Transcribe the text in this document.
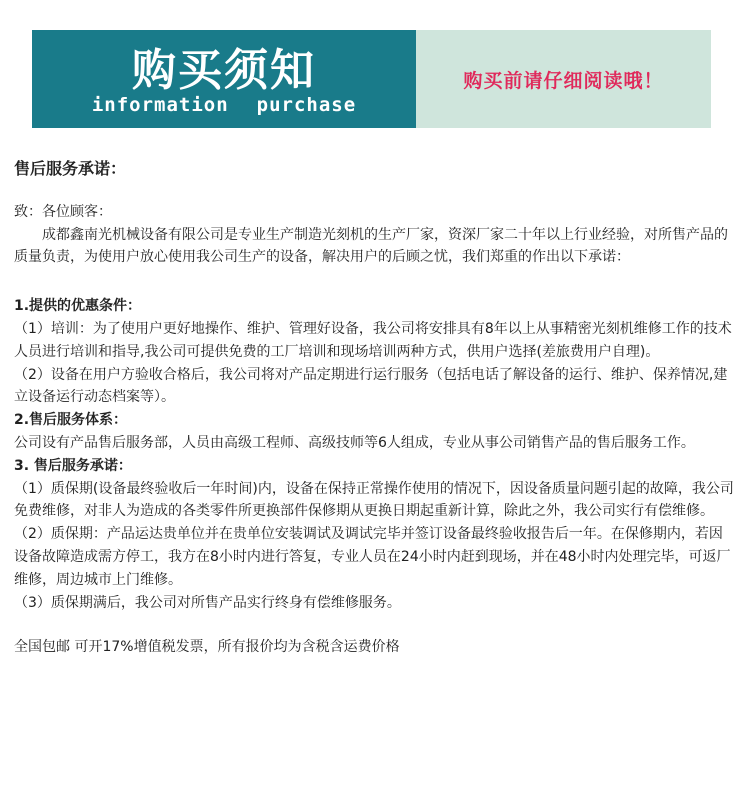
购买须知
information purchase
购买前请仔细阅读哦！

售后服务承诺：

致：各位顾客：

成都鑫南光机械设备有限公司是专业生产制造光刻机的生产厂家，资深厂家二十年以上行业经验，对所售产品的质量负责，为使用户放心使用我公司生产的设备，解决用户的后顾之忧，我们郑重的作出以下承诺：

1.提供的优惠条件：

（1）培训：为了使用户更好地操作、维护、管理好设备，我公司将安排具有8年以上从事精密光刻机维修工作的技术人员进行培训和指导,我公司可提供免费的工厂培训和现场培训两种方式，供用户选择(差旅费用户自理)。

（2）设备在用户方验收合格后，我公司将对产品定期进行运行服务（包括电话了解设备的运行、维护、保养情况,建立设备运行动态档案等）。

2.售后服务体系：

公司设有产品售后服务部，人员由高级工程师、高级技师等6人组成，专业从事公司销售产品的售后服务工作。

3. 售后服务承诺：

（1）质保期(设备最终验收后一年时间)内，设备在保持正常操作使用的情况下，因设备质量问题引起的故障，我公司免费维修，对非人为造成的各类零件所更换部件保修期从更换日期起重新计算，除此之外，我公司实行有偿维修。

（2）质保期：产品运达贵单位并在贵单位安装调试及调试完毕并签订设备最终验收报告后一年。在保修期内，若因设备故障造成需方停工，我方在8小时内进行答复，专业人员在24小时内赶到现场，并在48小时内处理完毕，可返厂维修，周边城市上门维修。

（3）质保期满后，我公司对所售产品实行终身有偿维修服务。

全国包邮 可开17%增值税发票，所有报价均为含税含运费价格
